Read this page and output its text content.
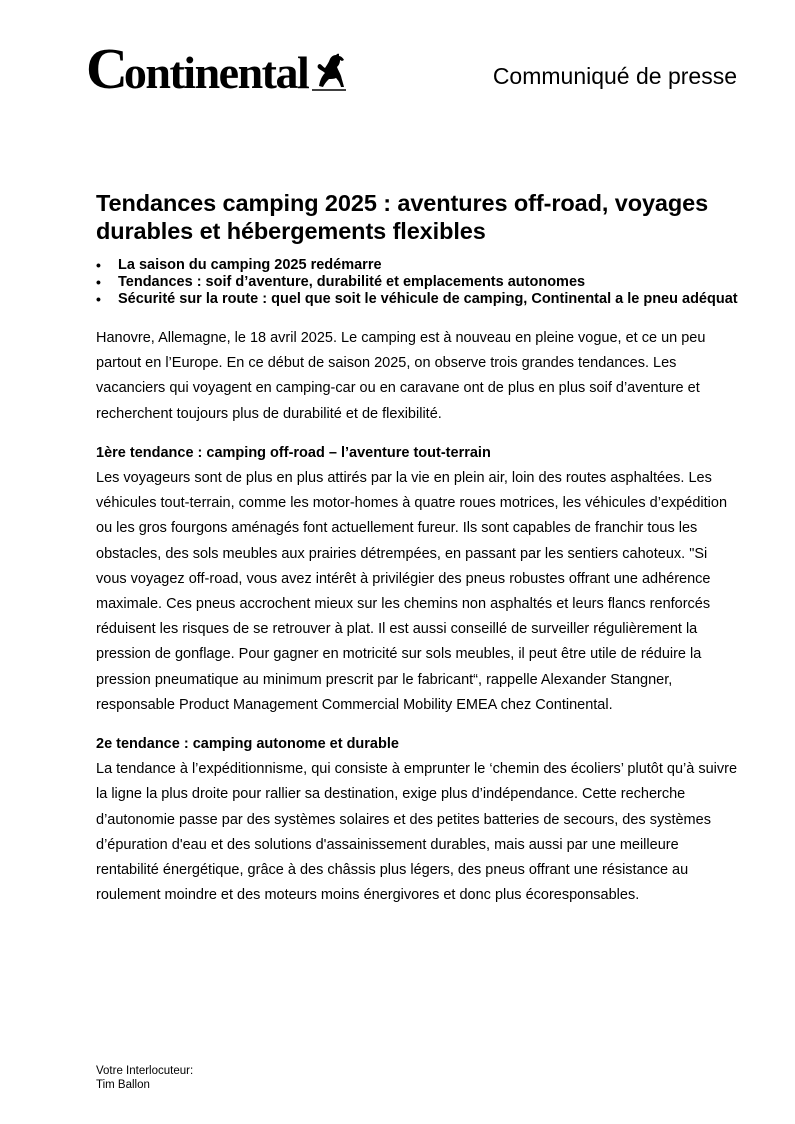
Continental	Communiqué de presse
Tendances camping 2025 : aventures off-road, voyages durables et hébergements flexibles
• La saison du camping 2025 redémarre
• Tendances : soif d’aventure, durabilité et emplacements autonomes
• Sécurité sur la route : quel que soit le véhicule de camping, Continental a le pneu adéquat

Hanovre, Allemagne, le 18 avril 2025. Le camping est à nouveau en pleine vogue, et ce un peu partout en l’Europe. En ce début de saison 2025, on observe trois grandes tendances. Les vacanciers qui voyagent en camping-car ou en caravane ont de plus en plus soif d’aventure et recherchent toujours plus de durabilité et de flexibilité.

1ère tendance : camping off-road – l’aventure tout-terrain

Les voyageurs sont de plus en plus attirés par la vie en plein air, loin des routes asphaltées. Les véhicules tout-terrain, comme les motor-homes à quatre roues motrices, les véhicules d’expédition ou les gros fourgons aménagés font actuellement fureur. Ils sont capables de franchir tous les obstacles, des sols meubles aux prairies détrempées, en passant par les sentiers cahoteux. "Si vous voyagez off-road, vous avez intérêt à privilégier des pneus robustes offrant une adhérence maximale. Ces pneus accrochent mieux sur les chemins non asphaltés et leurs flancs renforcés réduisent les risques de se retrouver à plat. Il est aussi conseillé de surveiller régulièrement la pression de gonflage. Pour gagner en motricité sur sols meubles, il peut être utile de réduire la pression pneumatique au minimum prescrit par le fabricant“, rappelle Alexander Stangner, responsable Product Management Commercial Mobility EMEA chez Continental.

2e tendance : camping autonome et durable

La tendance à l’expéditionnisme, qui consiste à emprunter le ‘chemin des écoliers’ plutôt qu’à suivre la ligne la plus droite pour rallier sa destination, exige plus d’indépendance. Cette recherche d’autonomie passe par des systèmes solaires et des petites batteries de secours, des systèmes d’épuration d'eau et des solutions d'assainissement durables, mais aussi par une meilleure rentabilité énergétique, grâce à des châssis plus légers, des pneus offrant une résistance au roulement moindre et des moteurs moins énergivores et donc plus écoresponsables.

Votre Interlocuteur:
Tim Ballon
